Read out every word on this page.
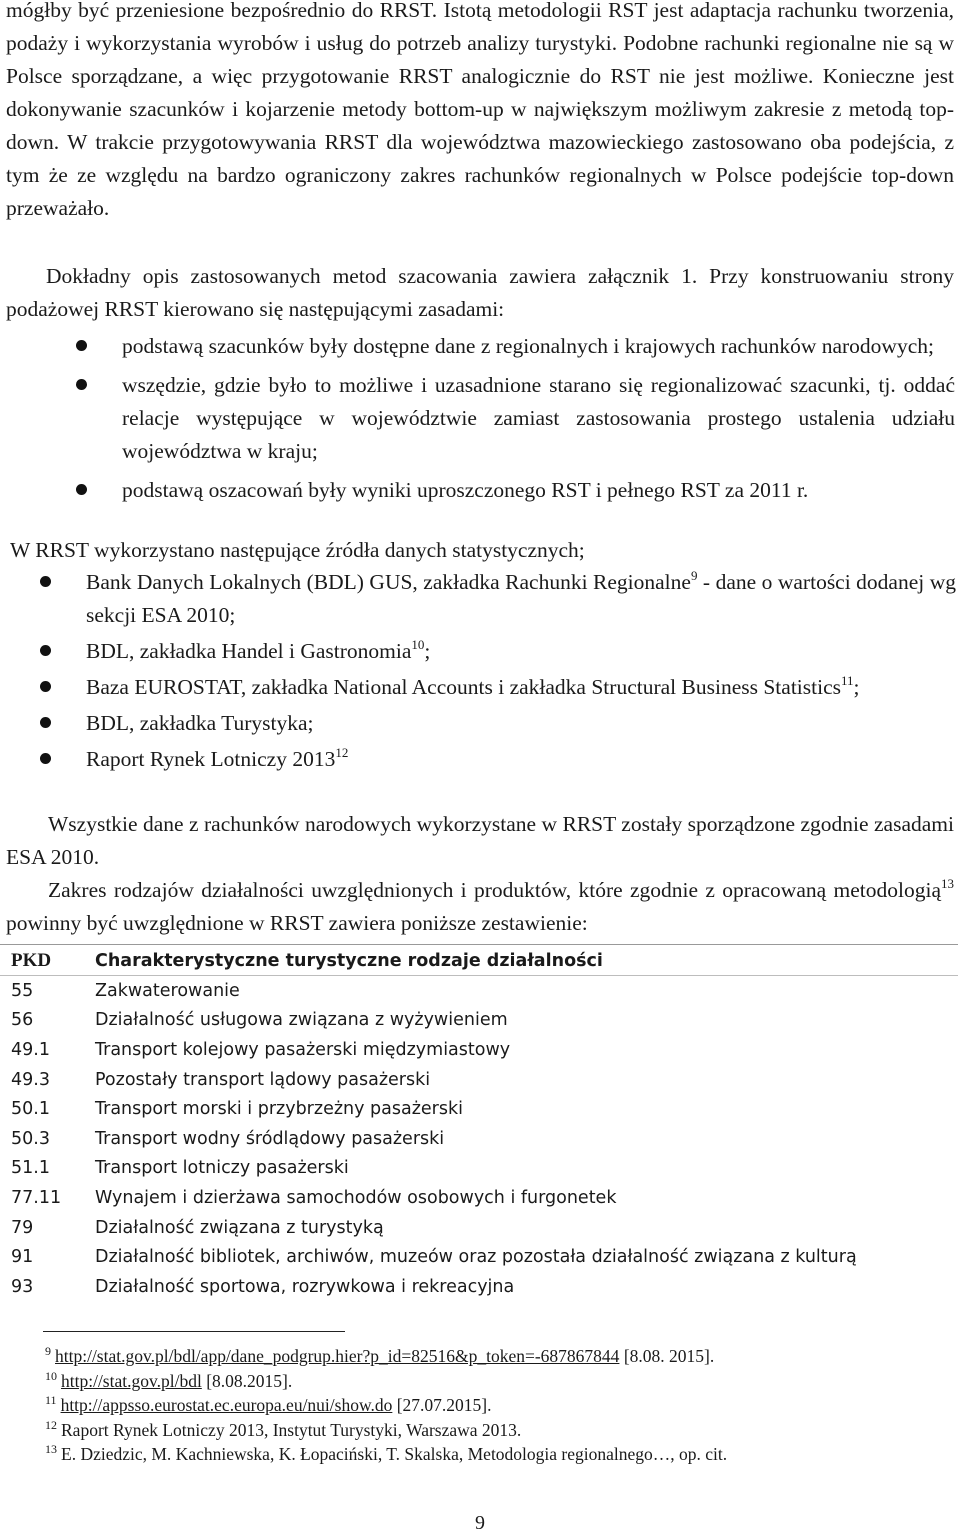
mógłby być przeniesione bezpośrednio do RRST. Istotą metodologii RST jest adaptacja rachunku tworzenia, podaży i wykorzystania wyrobów i usług do potrzeb analizy turystyki. Podobne rachunki regionalne nie są w Polsce sporządzane, a więc przygotowanie RRST analogicznie do RST nie jest możliwe. Konieczne jest dokonywanie szacunków i kojarzenie metody bottom-up w największym możliwym zakresie z metodą top-down. W trakcie przygotowywania RRST dla województwa mazowieckiego zastosowano oba podejścia, z tym że ze względu na bardzo ograniczony zakres rachunków regionalnych w Polsce podejście top-down przeważało.

Dokładny opis zastosowanych metod szacowania zawiera załącznik 1. Przy konstruowaniu strony podażowej RRST kierowano się następującymi zasadami:

podstawą szacunków były dostępne dane z regionalnych i krajowych rachunków narodowych;
wszędzie, gdzie było to możliwe i uzasadnione starano się regionalizować szacunki, tj. oddać relacje występujące w województwie zamiast zastosowania prostego ustalenia udziału województwa w kraju;
podstawą oszacowań były wyniki uproszczonego RST i pełnego RST za 2011 r.
W RRST wykorzystano następujące źródła danych statystycznych;
Bank Danych Lokalnych (BDL) GUS, zakładka Rachunki Regionalne$^9$ - dane o wartości dodanej wg sekcji ESA 2010;
BDL, zakładka Handel i Gastronomia$^{10}$;
Baza EUROSTAT, zakładka National Accounts i zakładka Structural Business Statistics$^{11}$;
BDL, zakładka Turystyka;
Raport Rynek Lotniczy 2013$^{12}$

Wszystkie dane z rachunków narodowych wykorzystane w RRST zostały sporządzone zgodnie zasadami ESA 2010.

Zakres rodzajów działalności uwzględnionych i produktów, które zgodnie z opracowaną metodologią$^{13}$ powinny być uwzględnione w RRST zawiera poniższe zestawienie:

PKD	Charakterystyczne turystyczne rodzaje działalności
55	Zakwaterowanie
56	Działalność usługowa związana z wyżywieniem
49.1	Transport kolejowy pasażerski międzymiastowy
49.3	Pozostały transport lądowy pasażerski
50.1	Transport morski i przybrzeżny pasażerski
50.3	Transport wodny śródlądowy pasażerski
51.1	Transport lotniczy pasażerski
77.11	Wynajem i dzierżawa samochodów osobowych i furgonetek
79	Działalność związana z turystyką
91	Działalność bibliotek, archiwów, muzeów oraz pozostała działalność związana z kulturą
93	Działalność sportowa, rozrywkowa i rekreacyjna
$^9$ http://stat.gov.pl/bdl/app/dane_podgrup.hier?p_id=82516&p_token=-687867844 [8.08. 2015].
$^{10}$ http://stat.gov.pl/bdl [8.08.2015].
$^{11}$ http://appsso.eurostat.ec.europa.eu/nui/show.do [27.07.2015].
$^{12}$ Raport Rynek Lotniczy 2013, Instytut Turystyki, Warszawa 2013.
$^{13}$ E. Dziedzic, M. Kachniewska, K. Łopaciński, T. Skalska, Metodologia regionalnego…, op. cit.
9
